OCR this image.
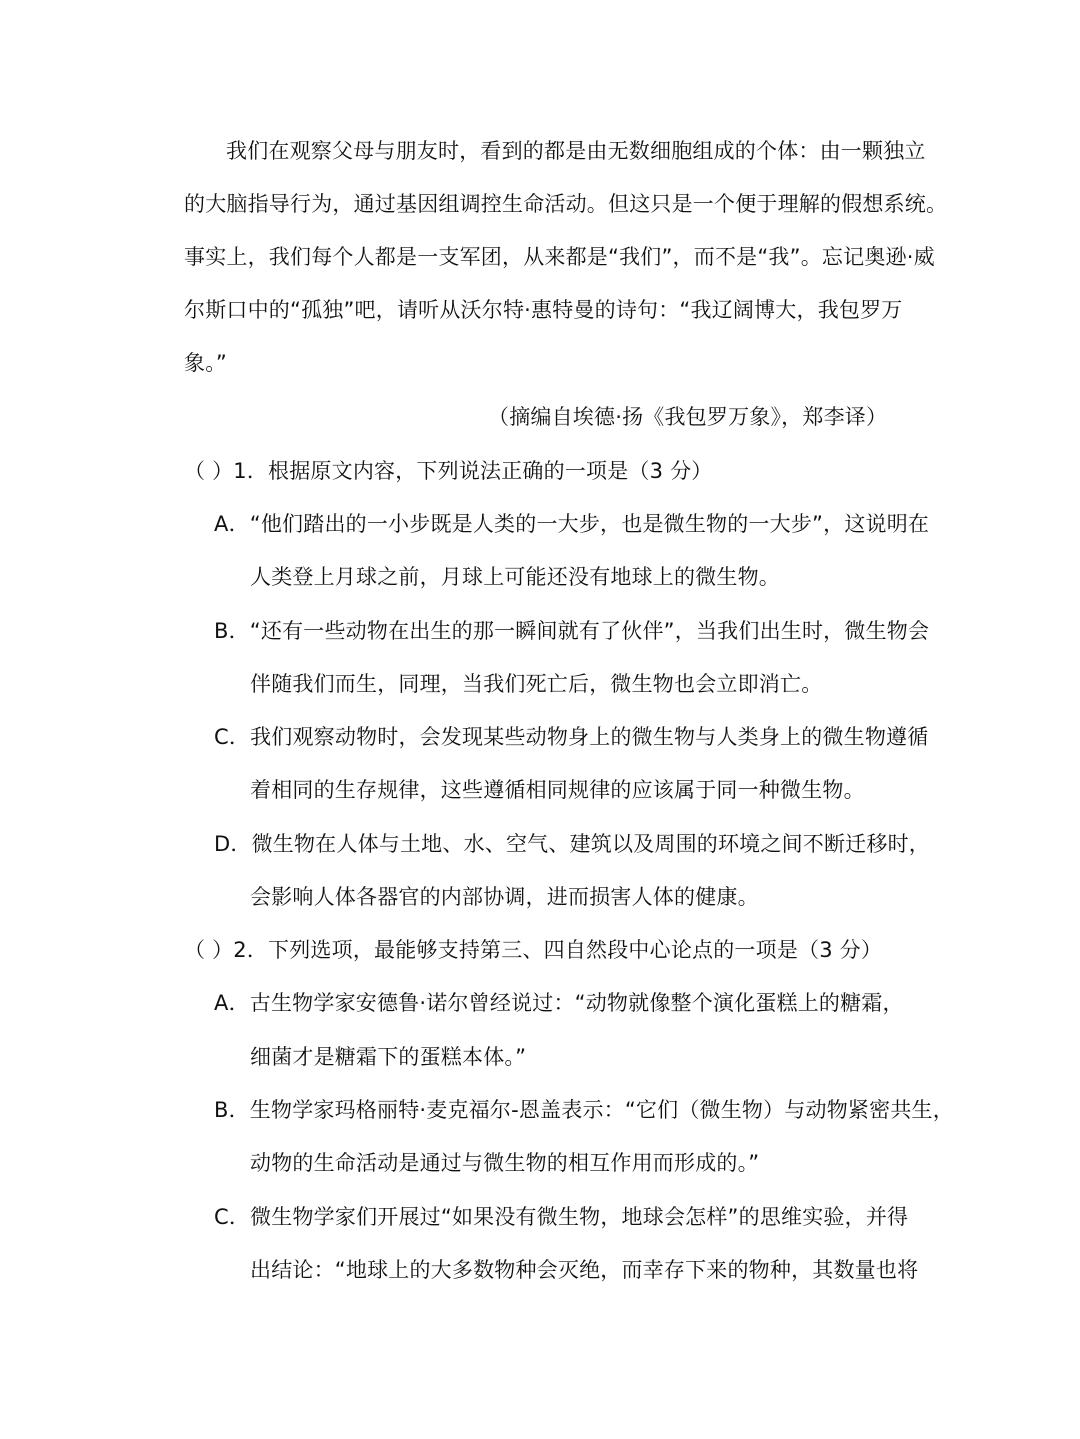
我们在观察父母与朋友时，看到的都是由无数细胞组成的个体：由一颗独立
的大脑指导行为，通过基因组调控生命活动。但这只是一个便于理解的假想系统。
事实上，我们每个人都是一支军团，从来都是“我们”，而不是“我”。忘记奥逊·威
尔斯口中的“孤独”吧，请听从沃尔特·惠特曼的诗句：“我辽阔博大，我包罗万
象。”
（摘编自埃德·扬《我包罗万象》，郑李译）
（ ）1．根据原文内容，下列说法正确的一项是（3 分）
A．“他们踏出的一小步既是人类的一大步，也是微生物的一大步”，这说明在
人类登上月球之前，月球上可能还没有地球上的微生物。
B．“还有一些动物在出生的那一瞬间就有了伙伴”，当我们出生时，微生物会
伴随我们而生，同理，当我们死亡后，微生物也会立即消亡。
C．我们观察动物时，会发现某些动物身上的微生物与人类身上的微生物遵循
着相同的生存规律，这些遵循相同规律的应该属于同一种微生物。
D．微生物在人体与土地、水、空气、建筑以及周围的环境之间不断迁移时，
会影响人体各器官的内部协调，进而损害人体的健康。
（ ）2．下列选项，最能够支持第三、四自然段中心论点的一项是（3 分）
A．古生物学家安德鲁·诺尔曾经说过：“动物就像整个演化蛋糕上的糖霜，
细菌才是糖霜下的蛋糕本体。”
B．生物学家玛格丽特·麦克福尔-恩盖表示：“它们（微生物）与动物紧密共生，
动物的生命活动是通过与微生物的相互作用而形成的。”
C．微生物学家们开展过“如果没有微生物，地球会怎样”的思维实验，并得
出结论：“地球上的大多数物种会灭绝，而幸存下来的物种，其数量也将
